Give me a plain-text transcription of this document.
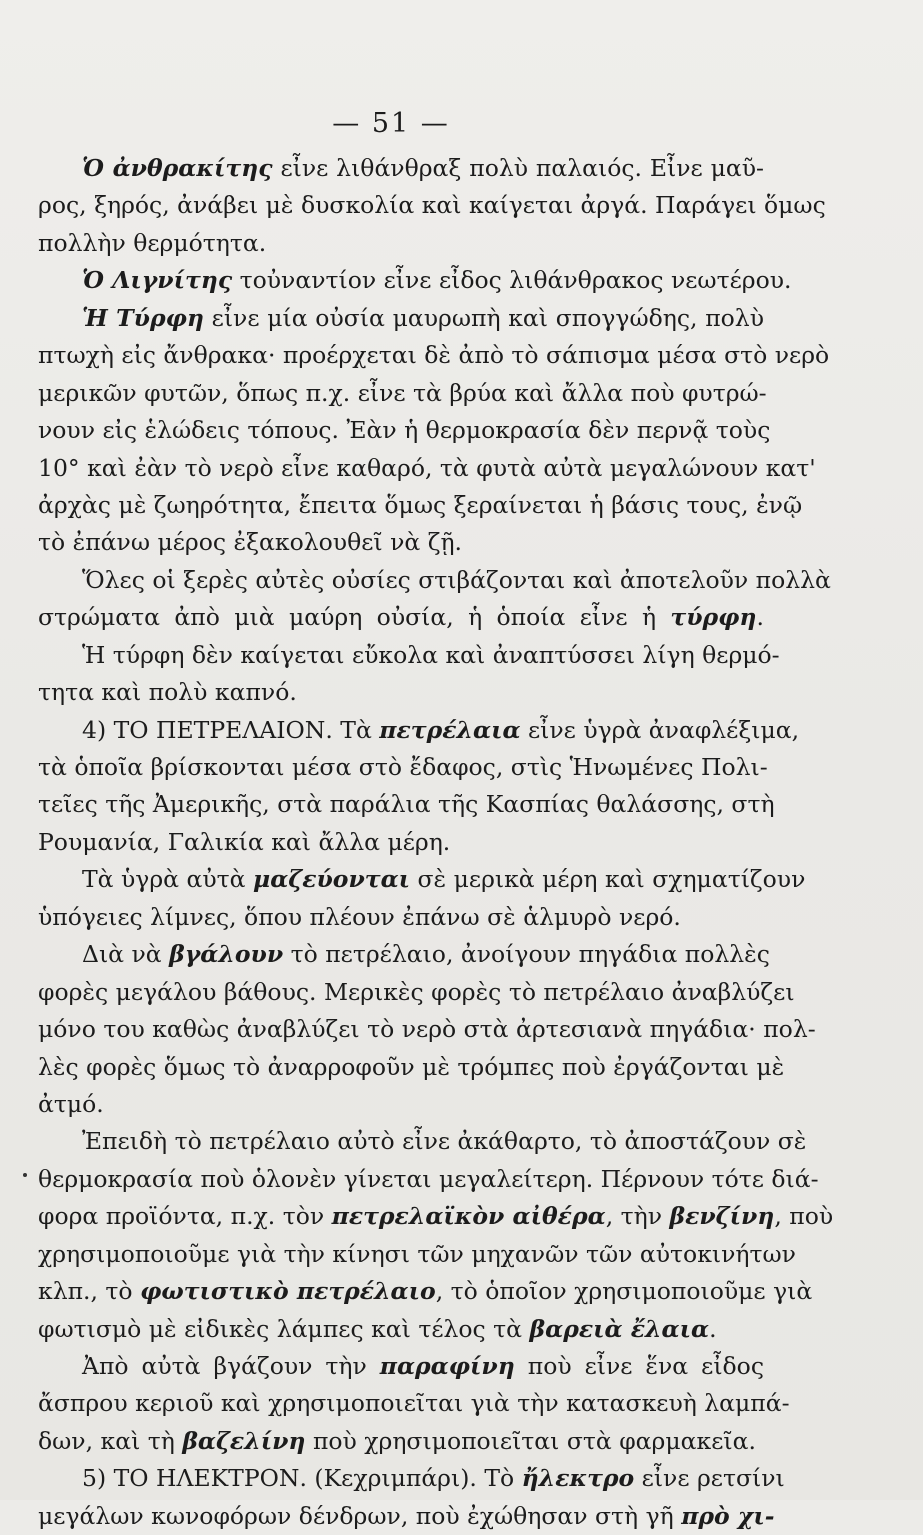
— 51 —
Ὁ ἀνθρακίτης εἶνε λιθάνθραξ πολὺ παλαιός. Εἶνε μαῦ-
ρος, ξηρός, ἀνάβει μὲ δυσκολία καὶ καίγεται ἀργά. Παράγει ὅμως
πολλὴν θερμότητα.
Ὁ Λιγνίτης τοὐναντίον εἶνε εἶδος λιθάνθρακος νεωτέρου.
Ἡ Τύρφη εἶνε μία οὐσία μαυρωπὴ καὶ σπογγώδης, πολὺ
πτωχὴ εἰς ἄνθρακα· προέρχεται δὲ ἀπὸ τὸ σάπισμα μέσα στὸ νερὸ
μερικῶν φυτῶν, ὅπως π.χ. εἶνε τὰ βρύα καὶ ἄλλα ποὺ φυτρώ-
νουν εἰς ἑλώδεις τόπους. Ἐὰν ἡ θερμοκρασία δὲν περνᾷ τοὺς
10° καὶ ἐὰν τὸ νερὸ εἶνε καθαρό, τὰ φυτὰ αὐτὰ μεγαλώνουν κατ'
ἀρχὰς μὲ ζωηρότητα, ἔπειτα ὅμως ξεραίνεται ἡ βάσις τους, ἐνῷ
τὸ ἐπάνω μέρος ἐξακολουθεῖ νὰ ζῇ.
Ὅλες οἱ ξερὲς αὐτὲς οὐσίες στιβάζονται καὶ ἀποτελοῦν πολλὰ
στρώματα ἀπὸ μιὰ μαύρη οὐσία, ἡ ὁποία εἶνε ἡ τύρφη.
Ἡ τύρφη δὲν καίγεται εὔκολα καὶ ἀναπτύσσει λίγη θερμό-
τητα καὶ πολὺ καπνό.
4) ΤΟ ΠΕΤΡΕΛΑΙΟΝ. Τὰ πετρέλαια εἶνε ὑγρὰ ἀναφλέξιμα,
τὰ ὁποῖα βρίσκονται μέσα στὸ ἔδαφος, στὶς Ἡνωμένες Πολι-
τεῖες τῆς Ἀμερικῆς, στὰ παράλια τῆς Κασπίας θαλάσσης, στὴ
Ρουμανία, Γαλικία καὶ ἄλλα μέρη.
Τὰ ὑγρὰ αὐτὰ μαζεύονται σὲ μερικὰ μέρη καὶ σχηματίζουν
ὑπόγειες λίμνες, ὅπου πλέουν ἐπάνω σὲ ἁλμυρὸ νερό.
Διὰ νὰ βγάλουν τὸ πετρέλαιο, ἀνοίγουν πηγάδια πολλὲς
φορὲς μεγάλου βάθους. Μερικὲς φορὲς τὸ πετρέλαιο ἀναβλύζει
μόνο του καθὼς ἀναβλύζει τὸ νερὸ στὰ ἀρτεσιανὰ πηγάδια· πολ-
λὲς φορὲς ὅμως τὸ ἀναρροφοῦν μὲ τρόμπες ποὺ ἐργάζονται μὲ
ἀτμό.
Ἐπειδὴ τὸ πετρέλαιο αὐτὸ εἶνε ἀκάθαρτο, τὸ ἀποστάζουν σὲ
θερμοκρασία ποὺ ὁλονὲν γίνεται μεγαλείτερη. Πέρνουν τότε διά-
φορα προϊόντα, π.χ. τὸν πετρελαϊκὸν αἰθέρα, τὴν βενζίνη, ποὺ
χρησιμοποιοῦμε γιὰ τὴν κίνησι τῶν μηχανῶν τῶν αὐτοκινήτων
κλπ., τὸ φωτιστικὸ πετρέλαιο, τὸ ὁποῖον χρησιμοποιοῦμε γιὰ
φωτισμὸ μὲ εἰδικὲς λάμπες καὶ τέλος τὰ βαρειὰ ἔλαια.
Ἀπὸ αὐτὰ βγάζουν τὴν παραφίνη ποὺ εἶνε ἕνα εἶδος
ἄσπρου κεριοῦ καὶ χρησιμοποιεῖται γιὰ τὴν κατασκευὴ λαμπά-
δων, καὶ τὴ βαζελίνη ποὺ χρησιμοποιεῖται στὰ φαρμακεῖα.
5) ΤΟ ΗΛΕΚΤΡΟΝ. (Κεχριμπάρι). Τὸ ἤλεκτρο εἶνε ρετσίνι
μεγάλων κωνοφόρων δένδρων, ποὺ ἐχώθησαν στὴ γῆ πρὸ χι-
